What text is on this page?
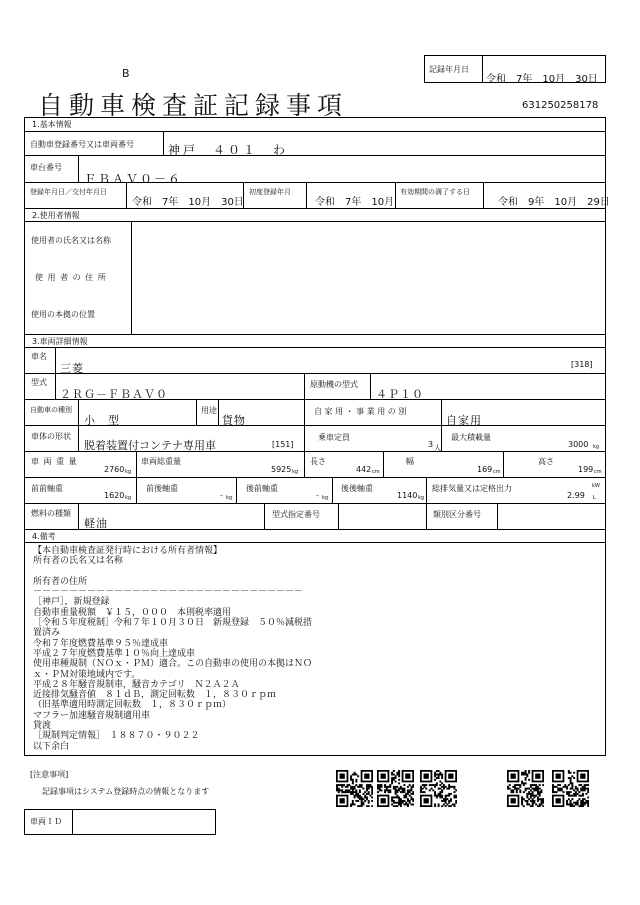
B
自動車検査証記録事項
記録年月日
令和　7年　10月　30日
631250258178
1.基本情報
自動車登録番号又は車両番号	神戸　４０１　わ
車台番号
ＦＢＡＶ０－６
登録年月日／交付年月日
令和　7年　10月　30日
初度登録年月
令和　7年　10月
有効期間の満了する日
令和　9年　10月　29日
2.使用者情報
使用者の氏名又は名称
使 用 者 の 住 所
使用の本拠の位置
3.車両詳細情報
車名
三菱	[318]
型式
２ＲＧ－ＦＢＡＶ０
原動機の型式
４Ｐ１０
自動車の種別
小　型
用途
貨物
自 家 用 ・ 事 業 用 の 別
自家用
車体の形状
脱着装置付コンテナ専用車	[151]
乗車定員
3 人
最大積載量
3000 kg
車 両 重 量
2760 kg
車両総重量
5925 kg
長さ
442 cm
幅
169 cm
高さ
199 cm
前前軸重
1620 kg
前後軸重
- kg
後前軸重
- kg
後後軸重
1140 kg
総排気量又は定格出力
2.99
kW
L
燃料の種類
軽油
型式指定番号	類別区分番号
4.備考
【本自動車検査証発行時における所有者情報】
所有者の氏名又は名称
所有者の住所
－－－－－－－－－－－－－－－－－－－－－－－－－－－－－－
［神戸］，新規登録
自動車重量税額　￥１５，０００　本則税率適用
［令和５年度税制］令和７年１０月３０日　新規登録　５０％減税措
置済み
令和７年度燃費基準９５％達成車
平成２７年度燃費基準１０％向上達成車
使用車種規制（ＮＯｘ・ＰＭ）適合。この自動車の使用の本拠はＮＯ
ｘ・ＰＭ対策地域内です。
平成２８年騒音規制車，騒音カテゴリ　Ｎ２Ａ２Ａ
近接排気騒音値　８１ｄＢ，測定回転数　１，８３０ｒｐｍ
（旧基準適用時測定回転数　１，８３０ｒｐｍ）
マフラー加速騒音規制適用車
貸渡
［規制判定情報］　１８８７０・９０２２
以下余白
[注意事項]
記録事項はシステム登録時点の情報となります
車両ＩＤ
